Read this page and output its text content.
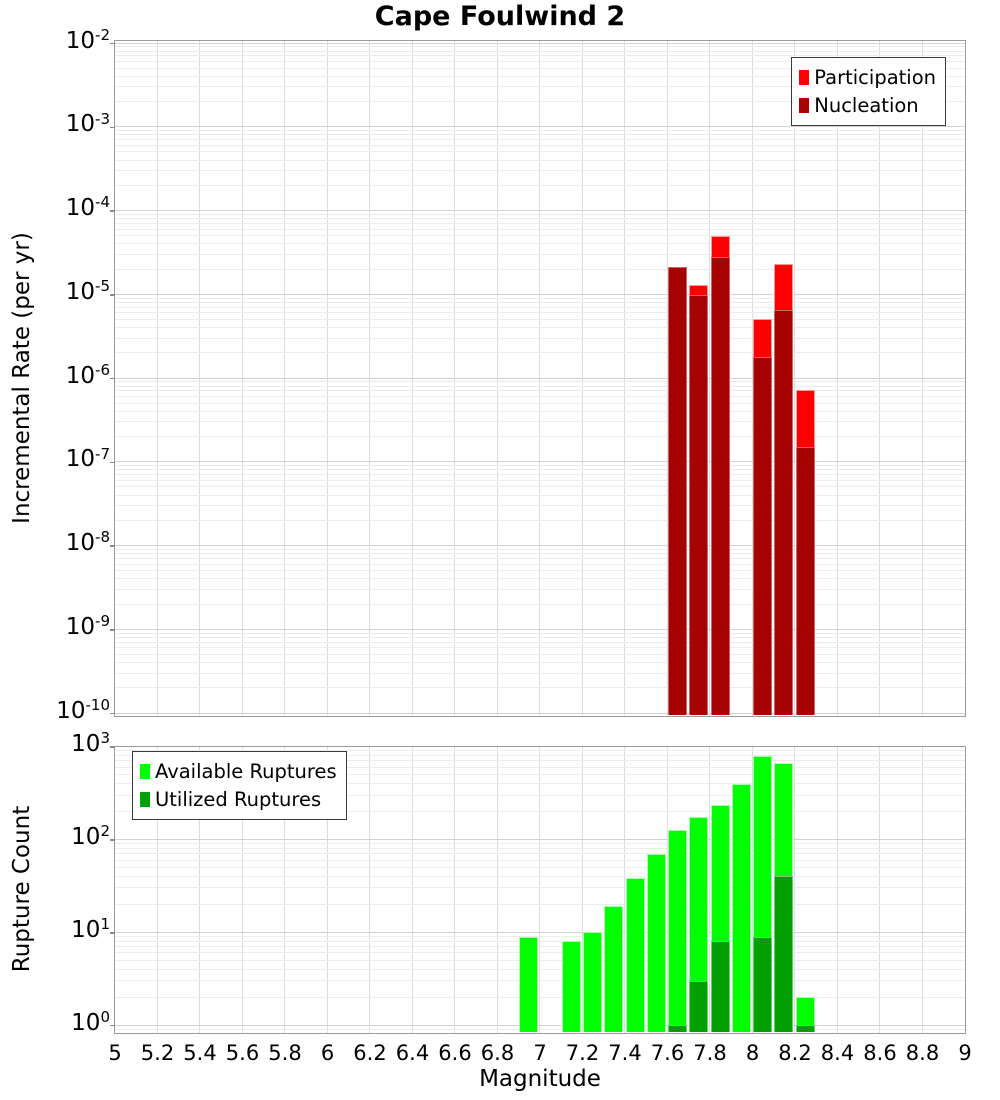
Cape Foulwind 2
Incremental Rate (per yr)
Rupture Count
Magnitude
Participation
Nucleation
Available Ruptures
Utilized Ruptures
$10^{-2}$
$10^{-3}$
$10^{-4}$
$10^{-5}$
$10^{-6}$
$10^{-7}$
$10^{-8}$
$10^{-9}$
$10^{-10}$
$10^3$
$10^2$
$10^1$
$10^0$
5 5.2 5.4 5.6 5.8 6 6.2 6.4 6.6 6.8 7 7.2 7.4 7.6 7.8 8 8.2 8.4 8.6 8.8 9
